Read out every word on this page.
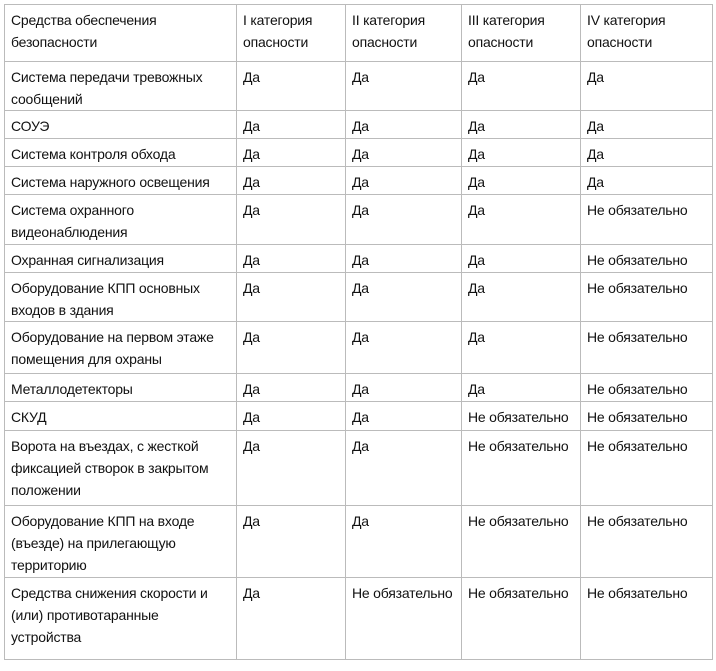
Средства обеспечения безопасности	I категория опасности	II категория опасности	III категория опасности	IV категория опасности
Система передачи тревожных сообщений	Да	Да	Да	Да
СОУЭ	Да	Да	Да	Да
Система контроля обхода	Да	Да	Да	Да
Система наружного освещения	Да	Да	Да	Да
Система охранного видеонаблюдения	Да	Да	Да	Не обязательно
Охранная сигнализация	Да	Да	Да	Не обязательно
Оборудование КПП основных входов в здания	Да	Да	Да	Не обязательно
Оборудование на первом этаже помещения для охраны	Да	Да	Да	Не обязательно
Металлодетекторы	Да	Да	Да	Не обязательно
СКУД	Да	Да	Не обязательно	Не обязательно
Ворота на въездах, с жесткой фиксацией створок в закрытом положении	Да	Да	Не обязательно	Не обязательно
Оборудование КПП на входе (въезде) на прилегающую территорию	Да	Да	Не обязательно	Не обязательно
Средства снижения скорости и (или) противотаранные устройства	Да	Не обязательно	Не обязательно	Не обязательно
